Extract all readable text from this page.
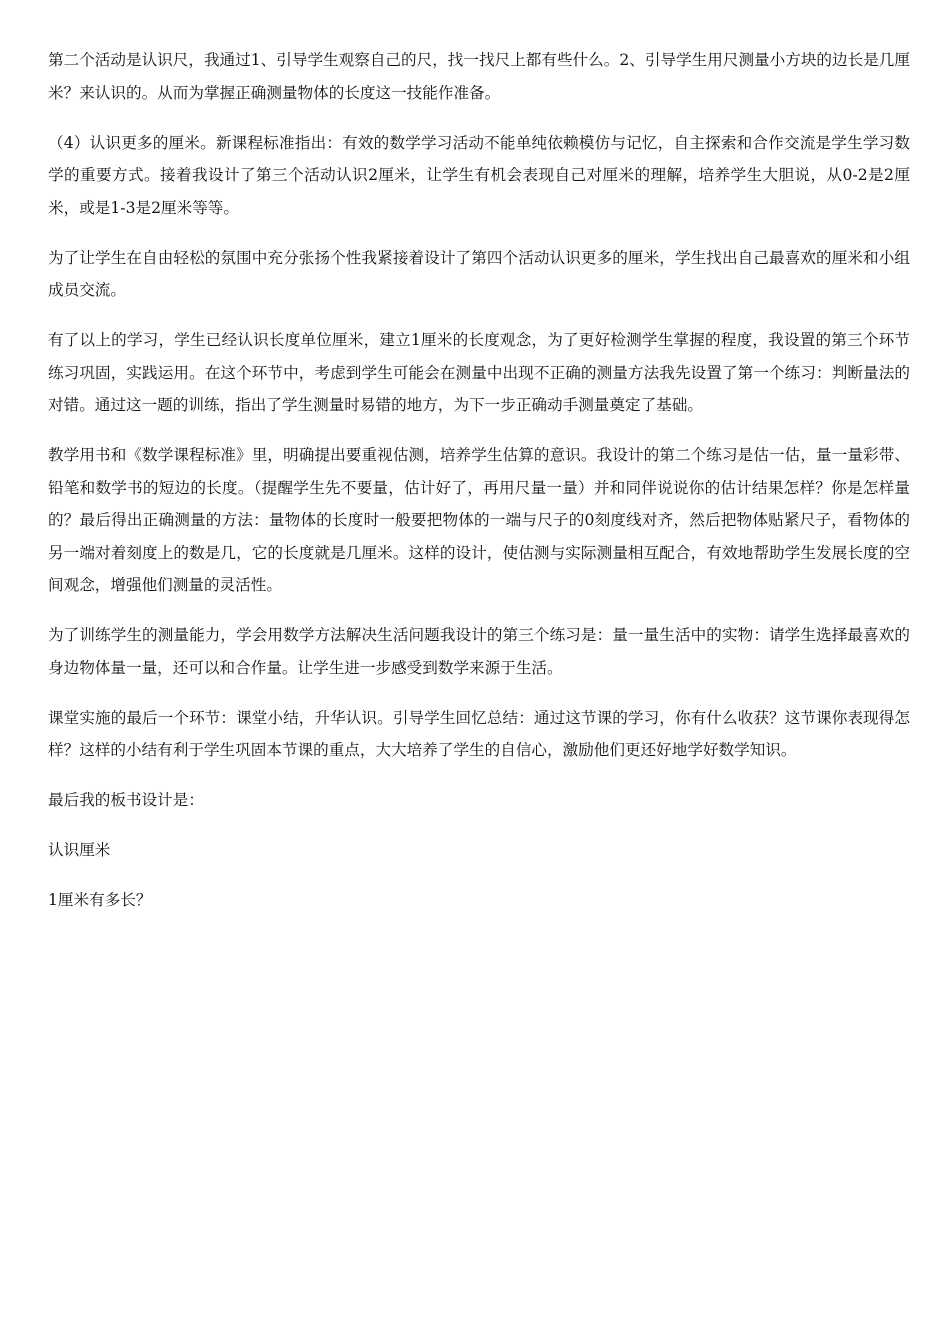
第二个活动是认识尺，我通过1、引导学生观察自己的尺，找一找尺上都有些什么。2、引导学生用尺测量小方块的边长是几厘米？来认识的。从而为掌握正确测量物体的长度这一技能作准备。

（4）认识更多的厘米。新课程标准指出：有效的数学学习活动不能单纯依赖模仿与记忆，自主探索和合作交流是学生学习数学的重要方式。接着我设计了第三个活动认识2厘米，让学生有机会表现自己对厘米的理解，培养学生大胆说，从0-2是2厘米，或是1-3是2厘米等等。

为了让学生在自由轻松的氛围中充分张扬个性我紧接着设计了第四个活动认识更多的厘米，学生找出自己最喜欢的厘米和小组成员交流。

有了以上的学习，学生已经认识长度单位厘米，建立1厘米的长度观念，为了更好检测学生掌握的程度，我设置的第三个环节练习巩固，实践运用。在这个环节中，考虑到学生可能会在测量中出现不正确的测量方法我先设置了第一个练习：判断量法的对错。通过这一题的训练，指出了学生测量时易错的地方，为下一步正确动手测量奠定了基础。

教学用书和《数学课程标准》里，明确提出要重视估测，培养学生估算的意识。我设计的第二个练习是估一估，量一量彩带、铅笔和数学书的短边的长度。（提醒学生先不要量，估计好了，再用尺量一量）并和同伴说说你的估计结果怎样？你是怎样量的？最后得出正确测量的方法：量物体的长度时一般要把物体的一端与尺子的0刻度线对齐，然后把物体贴紧尺子，看物体的另一端对着刻度上的数是几，它的长度就是几厘米。这样的设计，使估测与实际测量相互配合，有效地帮助学生发展长度的空间观念，增强他们测量的灵活性。

为了训练学生的测量能力，学会用数学方法解决生活问题我设计的第三个练习是：量一量生活中的实物：请学生选择最喜欢的身边物体量一量，还可以和合作量。让学生进一步感受到数学来源于生活。

课堂实施的最后一个环节：课堂小结，升华认识。引导学生回忆总结：通过这节课的学习，你有什么收获？这节课你表现得怎样？这样的小结有利于学生巩固本节课的重点，大大培养了学生的自信心，激励他们更还好地学好数学知识。

最后我的板书设计是：

认识厘米

1厘米有多长？
